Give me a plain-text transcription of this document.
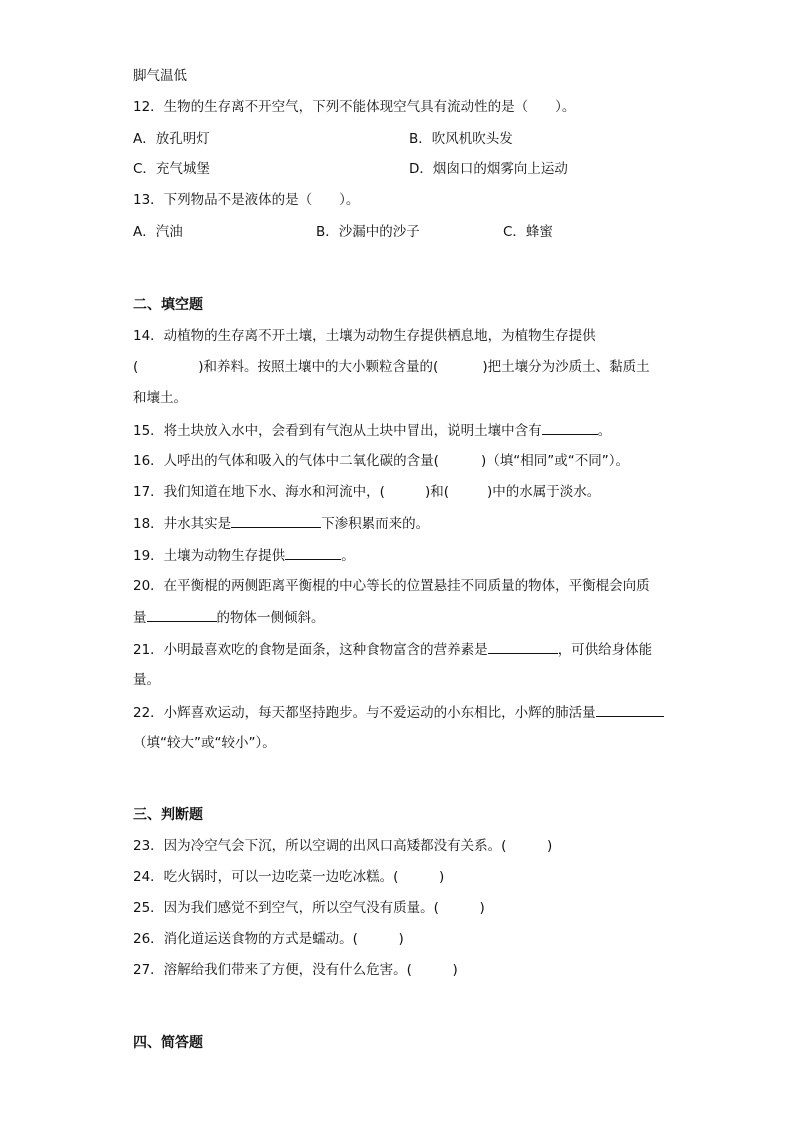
脚气温低
12．生物的生存离不开空气，下列不能体现空气具有流动性的是（　　）。
A．放孔明灯	B．吹风机吹头发
C．充气城堡	D．烟囱口的烟雾向上运动
13．下列物品不是液体的是（　　）。
A．汽油	B．沙漏中的沙子	C．蜂蜜
二、填空题
14．动植物的生存离不开土壤，土壤为动物生存提供栖息地，为植物生存提供
(	)和养料。按照土壤中的大小颗粒含量的(	)把土壤分为沙质土、黏质土
和壤土。
15．将土块放入水中，会看到有气泡从土块中冒出，说明土壤中含有	。
16．人呼出的气体和吸入的气体中二氧化碳的含量(	)（填“相同”或“不同”）。
17．我们知道在地下水、海水和河流中，(	)和(	)中的水属于淡水。
18．井水其实是	下渗积累而来的。
19．土壤为动物生存提供	。
20．在平衡棍的两侧距离平衡棍的中心等长的位置悬挂不同质量的物体，平衡棍会向质
量	的物体一侧倾斜。
21．小明最喜欢吃的食物是面条，这种食物富含的营养素是	，可供给身体能
量。
22．小辉喜欢运动，每天都坚持跑步。与不爱运动的小东相比，小辉的肺活量
（填“较大”或“较小”）。
三、判断题
23．因为冷空气会下沉，所以空调的出风口高矮都没有关系。(　　　)
24．吃火锅时，可以一边吃菜一边吃冰糕。(　　　)
25．因为我们感觉不到空气，所以空气没有质量。(　　　)
26．消化道运送食物的方式是蠕动。(　　　)
27．溶解给我们带来了方便，没有什么危害。(　　　)
四、简答题
